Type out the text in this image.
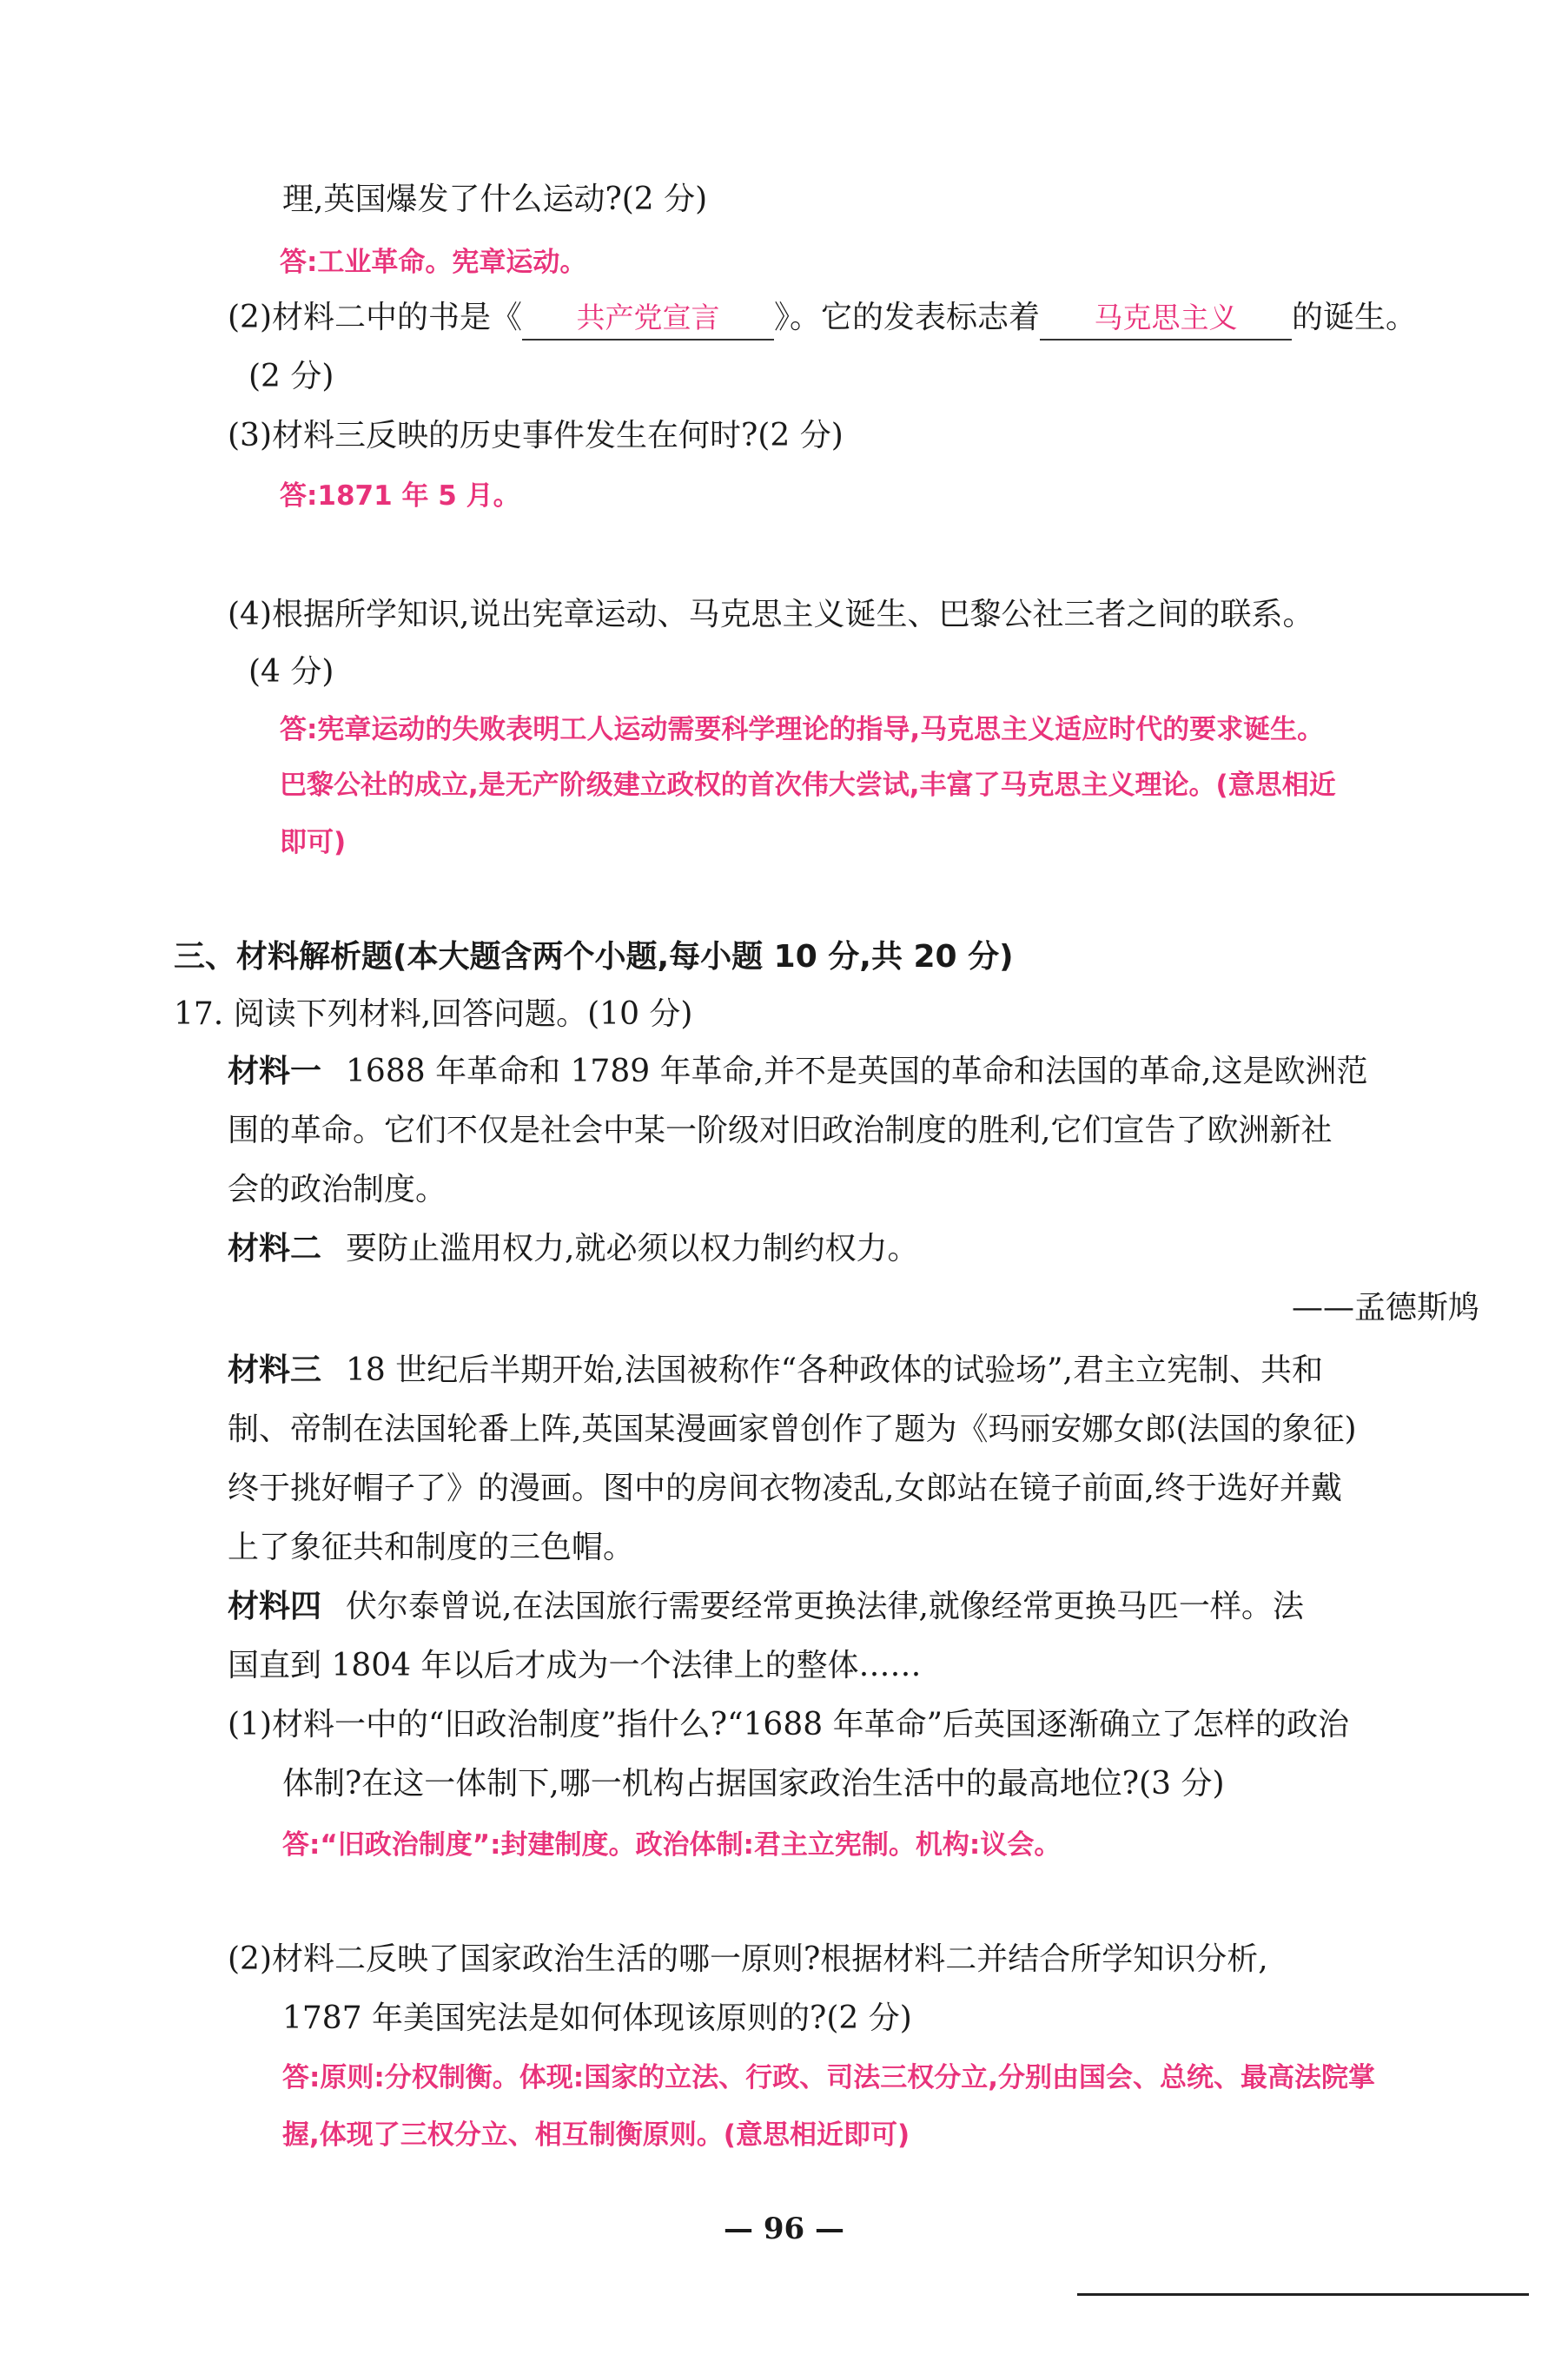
理,英国爆发了什么运动?(2 分)
答:工业革命。宪章运动。
(2)材料二中的书是《 共产党宣言 》。它的发表标志着 马克思主义 的诞生。
(2 分)
(3)材料三反映的历史事件发生在何时?(2 分)
答:1871 年 5 月。
(4)根据所学知识,说出宪章运动、马克思主义诞生、巴黎公社三者之间的联系。
(4 分)
答:宪章运动的失败表明工人运动需要科学理论的指导,马克思主义适应时代的要求诞生。
巴黎公社的成立,是无产阶级建立政权的首次伟大尝试,丰富了马克思主义理论。(意思相近
即可)
三、材料解析题(本大题含两个小题,每小题 10 分,共 20 分)
17. 阅读下列材料,回答问题。(10 分)
材料一 1688 年革命和 1789 年革命,并不是英国的革命和法国的革命,这是欧洲范
围的革命。它们不仅是社会中某一阶级对旧政治制度的胜利,它们宣告了欧洲新社
会的政治制度。
材料二 要防止滥用权力,就必须以权力制约权力。
——孟德斯鸠
材料三 18 世纪后半期开始,法国被称作“各种政体的试验场”,君主立宪制、共和
制、帝制在法国轮番上阵,英国某漫画家曾创作了题为《玛丽安娜女郎(法国的象征)
终于挑好帽子了》的漫画。图中的房间衣物凌乱,女郎站在镜子前面,终于选好并戴
上了象征共和制度的三色帽。
材料四 伏尔泰曾说,在法国旅行需要经常更换法律,就像经常更换马匹一样。法
国直到 1804 年以后才成为一个法律上的整体……
(1)材料一中的“旧政治制度”指什么?“1688 年革命”后英国逐渐确立了怎样的政治
体制?在这一体制下,哪一机构占据国家政治生活中的最高地位?(3 分)
答:“旧政治制度”:封建制度。政治体制:君主立宪制。机构:议会。
(2)材料二反映了国家政治生活的哪一原则?根据材料二并结合所学知识分析,
1787 年美国宪法是如何体现该原则的?(2 分)
答:原则:分权制衡。体现:国家的立法、行政、司法三权分立,分别由国会、总统、最高法院掌
握,体现了三权分立、相互制衡原则。(意思相近即可)
— 96 —
